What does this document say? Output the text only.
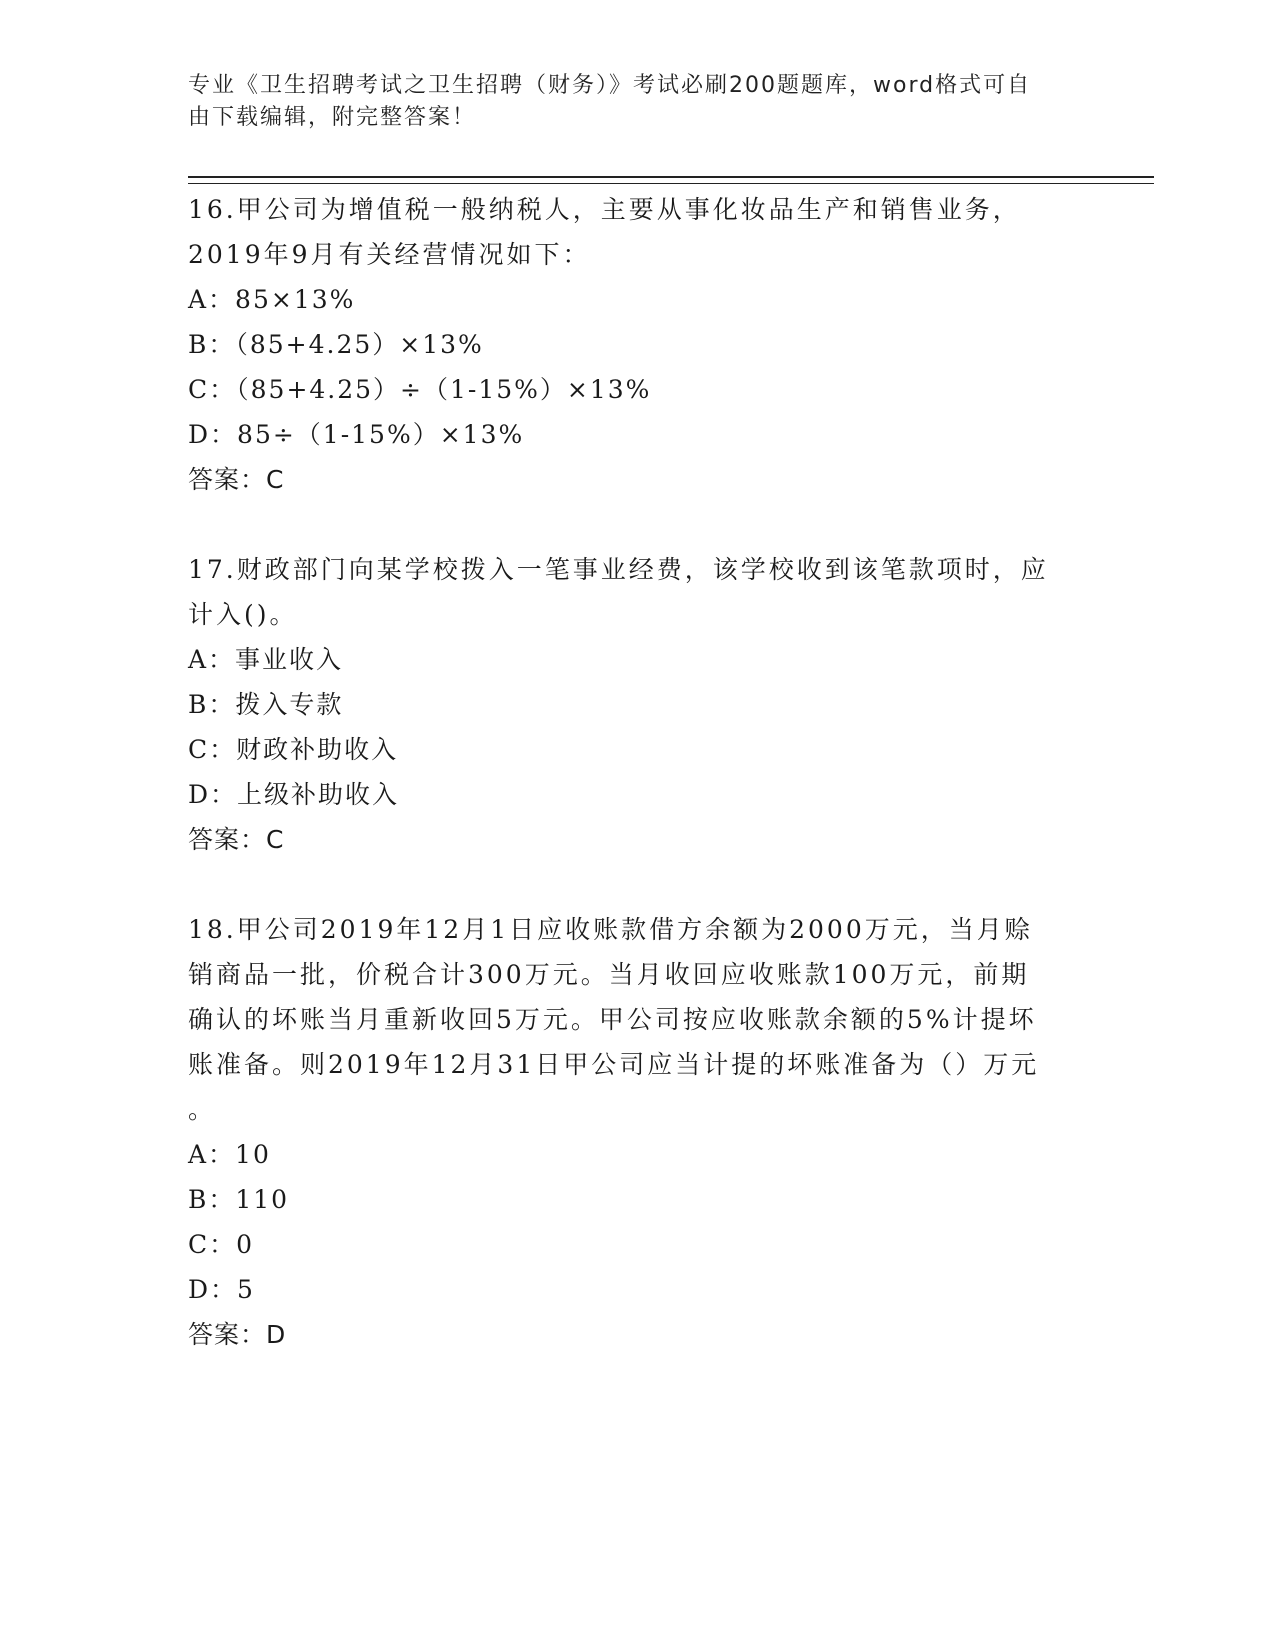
专业《卫生招聘考试之卫生招聘（财务）》考试必刷200题题库，word格式可自
由下载编辑，附完整答案！

16.甲公司为增值税一般纳税人，主要从事化妆品生产和销售业务，

2019年9月有关经营情况如下：

A：85×13%

B：（85+4.25）×13%

C：（85+4.25）÷（1-15%）×13%

D：85÷（1-15%）×13%

答案：C

17.财政部门向某学校拨入一笔事业经费，该学校收到该笔款项时，应

计入()。

A：事业收入

B：拨入专款

C：财政补助收入

D：上级补助收入

答案：C

18.甲公司2019年12月1日应收账款借方余额为2000万元，当月赊

销商品一批，价税合计300万元。当月收回应收账款100万元，前期

确认的坏账当月重新收回5万元。甲公司按应收账款余额的5%计提坏

账准备。则2019年12月31日甲公司应当计提的坏账准备为（）万元

。

A：10

B：110

C：0

D：5

答案：D
